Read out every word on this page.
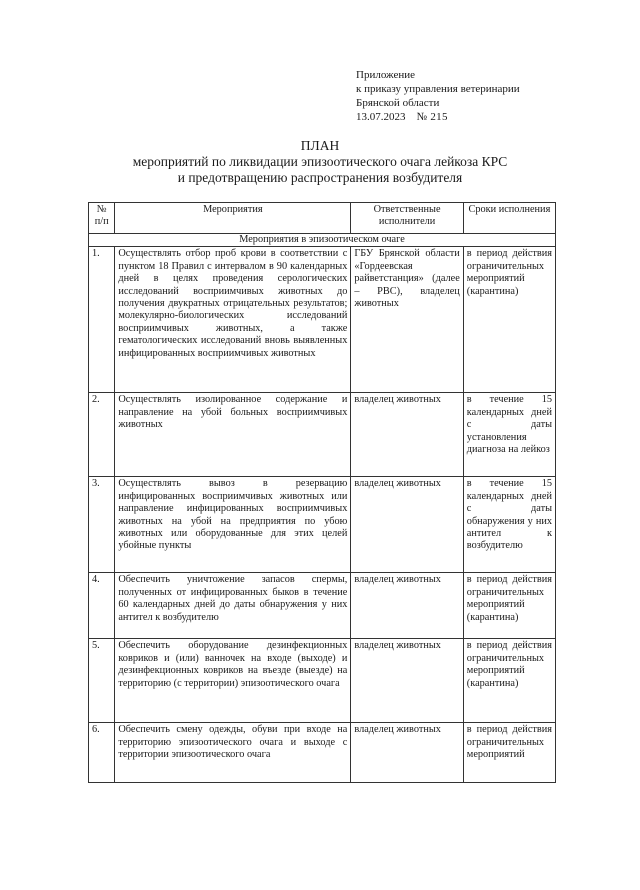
Приложение
к приказу управления ветеринарии
Брянской области
13.07.2023 № 215
ПЛАН
мероприятий по ликвидации эпизоотического очага лейкоза КРС
и предотвращению распространения возбудителя
№ п/п	Мероприятия	Ответственные исполнители	Сроки исполнения
Мероприятия в эпизоотическом очаге			
1.	Осуществлять отбор проб крови в соответствии с пунктом 18 Правил с интервалом в 90 календарных дней в целях проведения серологических исследований восприимчивых животных до получения двукратных отрицательных результатов; молекулярно-биологических исследований восприимчивых животных, а также гематологических исследований вновь выявленных инфицированных восприимчивых животных	ГБУ Брянской области «Гордеевская райветстанция» (далее – РВС), владелец животных	в период действия ограничительных мероприятий (карантина)
2.	Осуществлять изолированное содержание и направление на убой больных восприимчивых животных	владелец животных	в течение 15 календарных дней с даты установления диагноза на лейкоз
3.	Осуществлять вывоз в резервацию инфицированных восприимчивых животных или направление инфицированных восприимчивых животных на убой на предприятия по убою животных или оборудованные для этих целей убойные пункты	владелец животных	в течение 15 календарных дней с даты обнаружения у них антител к возбудителю
4.	Обеспечить уничтожение запасов спермы, полученных от инфицированных быков в течение 60 календарных дней до даты обнаружения у них антител к возбудителю	владелец животных	в период действия ограничительных мероприятий (карантина)
5.	Обеспечить оборудование дезинфекционных ковриков и (или) ванночек на входе (выходе) и дезинфекционных ковриков на въезде (выезде) на территорию (с территории) эпизоотического очага	владелец животных	в период действия ограничительных мероприятий (карантина)
6.	Обеспечить смену одежды, обуви при входе на территорию эпизоотического очага и выходе с территории эпизоотического очага	владелец животных	в период действия ограничительных мероприятий
